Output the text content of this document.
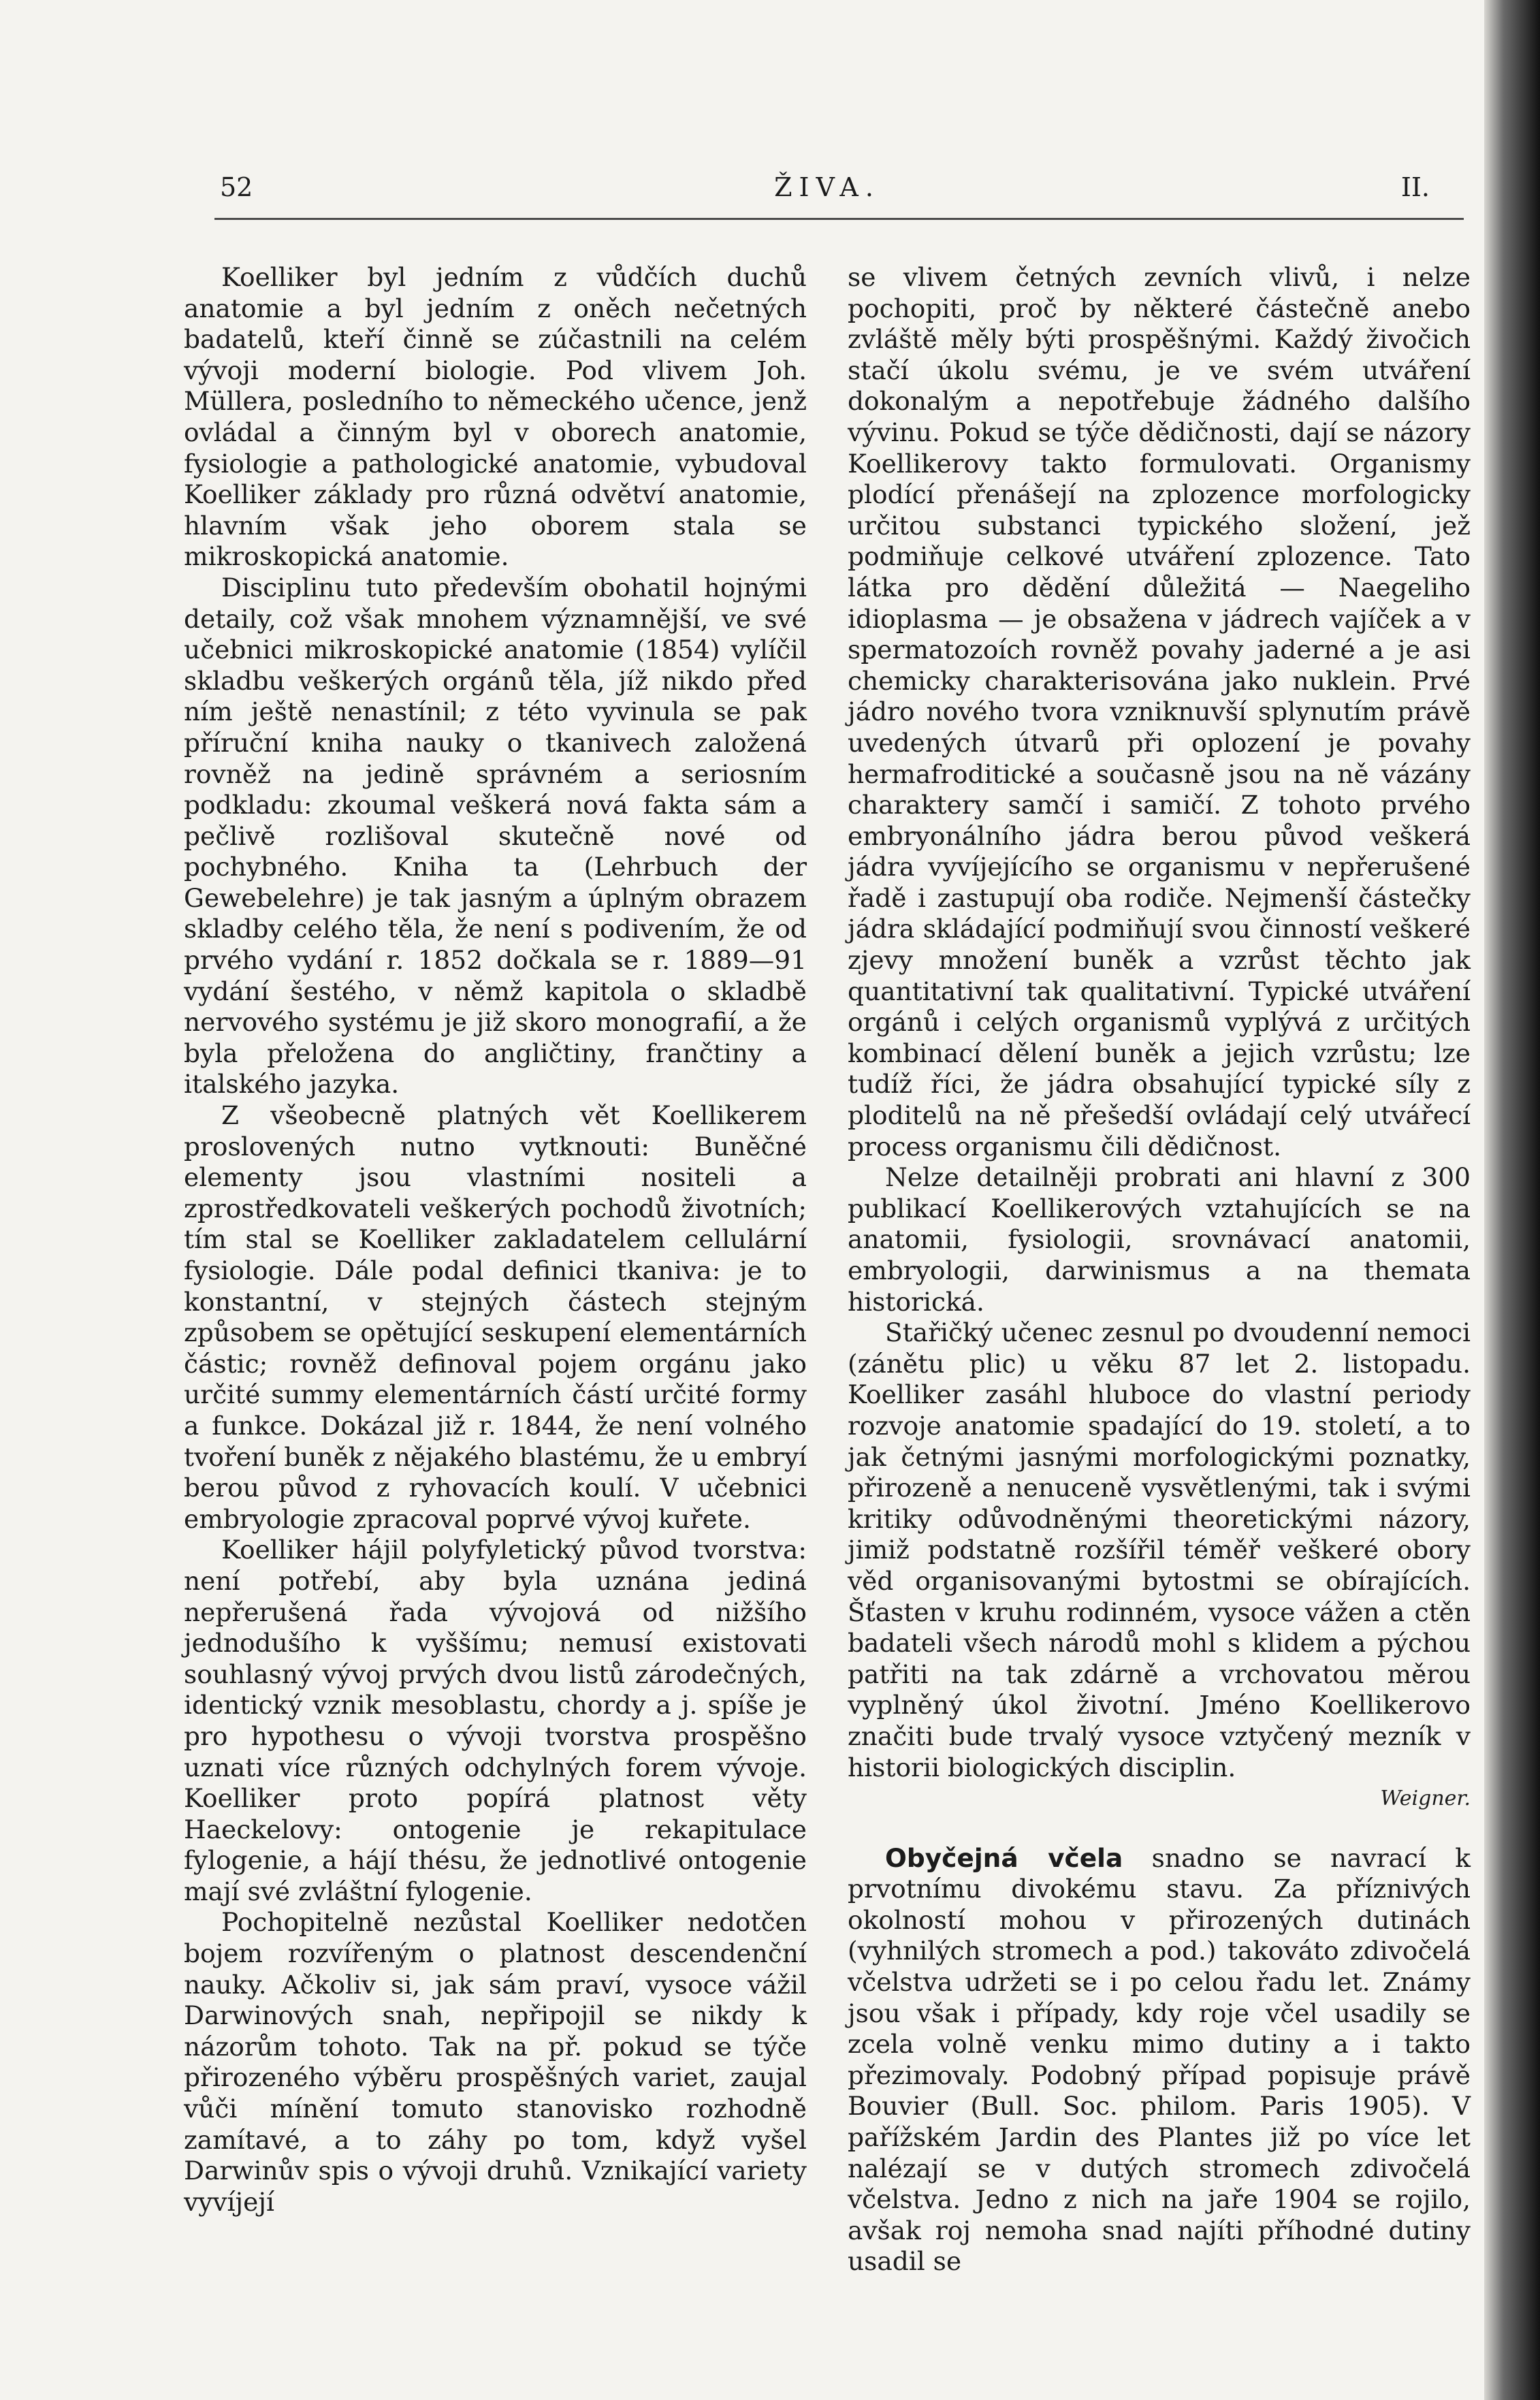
52	ŽIVA.	II.

Koelliker byl jedním z vůdčích duchů anatomie a byl jedním z oněch nečetných badatelů, kteří činně se zúčastnili na celém vývoji moderní biologie. Pod vlivem Joh. Müllera, posledního to německého učence, jenž ovládal a činným byl v oborech anatomie, fysiologie a pathologické anatomie, vybudoval Koelliker základy pro různá odvětví anatomie, hlavním však jeho oborem stala se mikroskopická anatomie.

Disciplinu tuto především obohatil hojnými detaily, což však mnohem významnější, ve své učebnici mikroskopické anatomie (1854) vylíčil skladbu veškerých orgánů těla, jíž nikdo před ním ještě nenastínil; z této vyvinula se pak příruční kniha nauky o tkanivech založená rovněž na jedině správném a seriosním podkladu: zkoumal veškerá nová fakta sám a pečlivě rozlišoval skutečně nové od pochybného. Kniha ta (Lehrbuch der Gewebelehre) je tak jasným a úplným obrazem skladby celého těla, že není s podivením, že od prvého vydání r. 1852 dočkala se r. 1889—91 vydání šestého, v němž kapitola o skladbě nervového systému je již skoro monografií, a že byla přeložena do angličtiny, frančtiny a italského jazyka.

Z všeobecně platných vět Koellikerem proslovených nutno vytknouti: Buněčné elementy jsou vlastními nositeli a zprostředkovateli veškerých pochodů životních; tím stal se Koelliker zakladatelem cellulární fysiologie. Dále podal definici tkaniva: je to konstantní, v stejných částech stejným způsobem se opětující seskupení elementárních částic; rovněž definoval pojem orgánu jako určité summy elementárních částí určité formy a funkce. Dokázal již r. 1844, že není volného tvoření buněk z nějakého blastému, že u embryí berou původ z ryhovacích koulí. V učebnici embryologie zpracoval poprvé vývoj kuřete.

Koelliker hájil polyfyletický původ tvorstva: není potřebí, aby byla uznána jediná nepřerušená řada vývojová od nižšího jednodušího k vyššímu; nemusí existovati souhlasný vývoj prvých dvou listů zárodečných, identický vznik mesoblastu, chordy a j. spíše je pro hypothesu o vývoji tvorstva prospěšno uznati více různých odchylných forem vývoje. Koelliker proto popírá platnost věty Haeckelovy: ontogenie je rekapitulace fylogenie, a hájí thésu, že jednotlivé ontogenie mají své zvláštní fylogenie.

Pochopitelně nezůstal Koelliker nedotčen bojem rozvířeným o platnost descendenční nauky. Ačkoliv si, jak sám praví, vysoce vážil Darwinových snah, nepřipojil se nikdy k názorům tohoto. Tak na př. pokud se týče přirozeného výběru prospěšných variet, zaujal vůči mínění tomuto stanovisko rozhodně zamítavé, a to záhy po tom, když vyšel Darwinův spis o vývoji druhů. Vznikající variety vyvíjejí

se vlivem četných zevních vlivů, i nelze pochopiti, proč by některé částečně anebo zvláště měly býti prospěšnými. Každý živočich stačí úkolu svému, je ve svém utváření dokonalým a nepotřebuje žádného dalšího vývinu. Pokud se týče dědičnosti, dají se názory Koellikerovy takto formulovati. Organismy plodící přenášejí na zplozence morfologicky určitou substanci typického složení, jež podmiňuje celkové utváření zplozence. Tato látka pro dědění důležitá — Naegeliho idioplasma — je obsažena v jádrech vajíček a v spermatozoích rovněž povahy jaderné a je asi chemicky charakterisována jako nuklein. Prvé jádro nového tvora vzniknuvší splynutím právě uvedených útvarů při oplození je povahy hermafroditické a současně jsou na ně vázány charaktery samčí i samičí. Z tohoto prvého embryonálního jádra berou původ veškerá jádra vyvíjejícího se organismu v nepřerušené řadě i zastupují oba rodiče. Nejmenší částečky jádra skládající podmiňují svou činností veškeré zjevy množení buněk a vzrůst těchto jak quantitativní tak qualitativní. Typické utváření orgánů i celých organismů vyplývá z určitých kombinací dělení buněk a jejich vzrůstu; lze tudíž říci, že jádra obsahující typické síly z ploditelů na ně přešedší ovládají celý utvářecí process organismu čili dědičnost.

Nelze detailněji probrati ani hlavní z 300 publikací Koellikerových vztahujících se na anatomii, fysiologii, srovnávací anatomii, embryologii, darwinismus a na themata historická.

Stařičký učenec zesnul po dvoudenní nemoci (zánětu plic) u věku 87 let 2. listopadu. Koelliker zasáhl hluboce do vlastní periody rozvoje anatomie spadající do 19. století, a to jak četnými jasnými morfologickými poznatky, přirozeně a nenuceně vysvětlenými, tak i svými kritiky odůvodněnými theoretickými názory, jimiž podstatně rozšířil téměř veškeré obory věd organisovanými bytostmi se obírajících. Šťasten v kruhu rodinném, vysoce vážen a ctěn badateli všech národů mohl s klidem a pýchou patřiti na tak zdárně a vrchovatou měrou vyplněný úkol životní. Jméno Koellikerovo značiti bude trvalý vysoce vztyčený mezník v historii biologických disciplin.

Weigner.

Obyčejná včela snadno se navrací k prvotnímu divokému stavu. Za příznivých okolností mohou v přirozených dutinách (vyhnilých stromech a pod.) takováto zdivočelá včelstva udržeti se i po celou řadu let. Známy jsou však i případy, kdy roje včel usadily se zcela volně venku mimo dutiny a i takto přezimovaly. Podobný případ popisuje právě Bouvier (Bull. Soc. philom. Paris 1905). V pařížském Jardin des Plantes již po více let nalézají se v dutých stromech zdivočelá včelstva. Jedno z nich na jaře 1904 se rojilo, avšak roj nemoha snad najíti příhodné dutiny usadil se
